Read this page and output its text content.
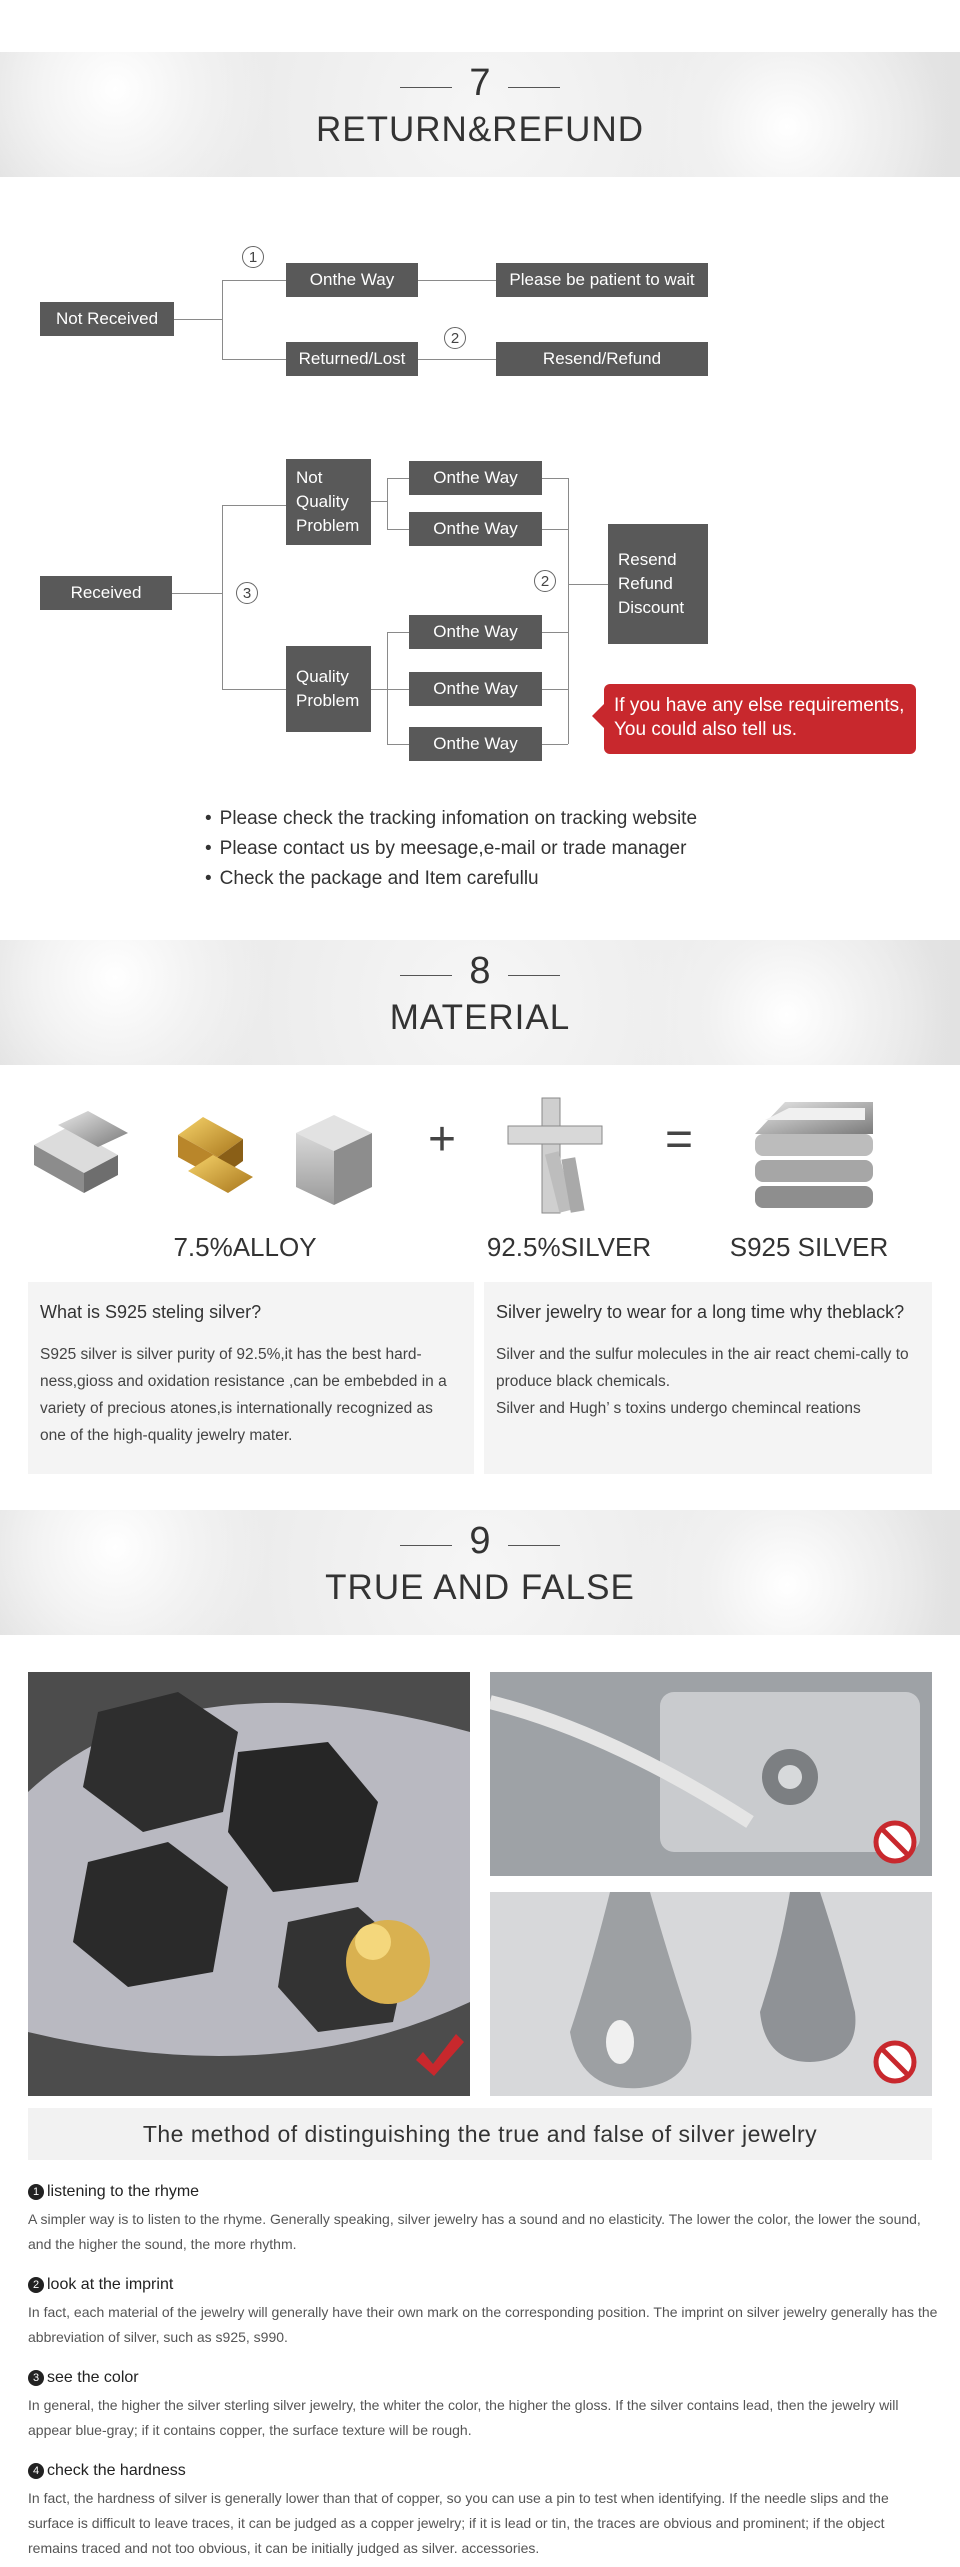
7
RETURN&REFUND
Not Received
1
Onthe Way	Please be patient to wait
Returned/Lost
2
Resend/Refund
Received	3
Not
Quality
Problem
Quality
Problem
Onthe Way
Onthe Way
Onthe Way
Onthe Way
Onthe Way
2
Resend
Refund
Discount
If you have any else requirements,
You could also tell us.
• Please check the tracking infomation on tracking website
• Please contact us by meesage,e-mail or trade manager
• Check the package and Item carefullu
8
MATERIAL
+	=
7.5%ALLOY	92.5%SILVER	S925 SILVER
What is S925 steling silver?

S925 silver is silver purity of 92.5%,it has the best hard-ness,gioss and oxidation resistance ,can be embebded in a variety of precious atones,is internationally recognized as one of the high-quality jewelry mater.

Silver jewelry to wear for a long time why theblack?

Silver and the sulfur molecules in the air react chemi-cally to produce black chemicals.

Silver and Hugh’ s toxins undergo chemincal reations

9
TRUE AND FALSE
The method of distinguishing the true and false of silver jewelry
1 listening to the rhyme
A simpler way is to listen to the rhyme. Generally speaking, silver jewelry has a sound and no elasticity. The lower the color, the lower the sound, and the higher the sound, the more rhythm.
2 look at the imprint
In fact, each material of the jewelry will generally have their own mark on the corresponding position. The imprint on silver jewelry generally has the abbreviation of silver, such as s925, s990.
3 see the color
In general, the higher the silver sterling silver jewelry, the whiter the color, the higher the gloss. If the silver contains lead, then the jewelry will appear blue-gray; if it contains copper, the surface texture will be rough.
4 check the hardness
In fact, the hardness of silver is generally lower than that of copper, so you can use a pin to test when identifying. If the needle slips and the surface is difficult to leave traces, it can be judged as a copper jewelry; if it is lead or tin, the traces are obvious and prominent; if the object remains traced and not too obvious, it can be initially judged as silver. accessories.
